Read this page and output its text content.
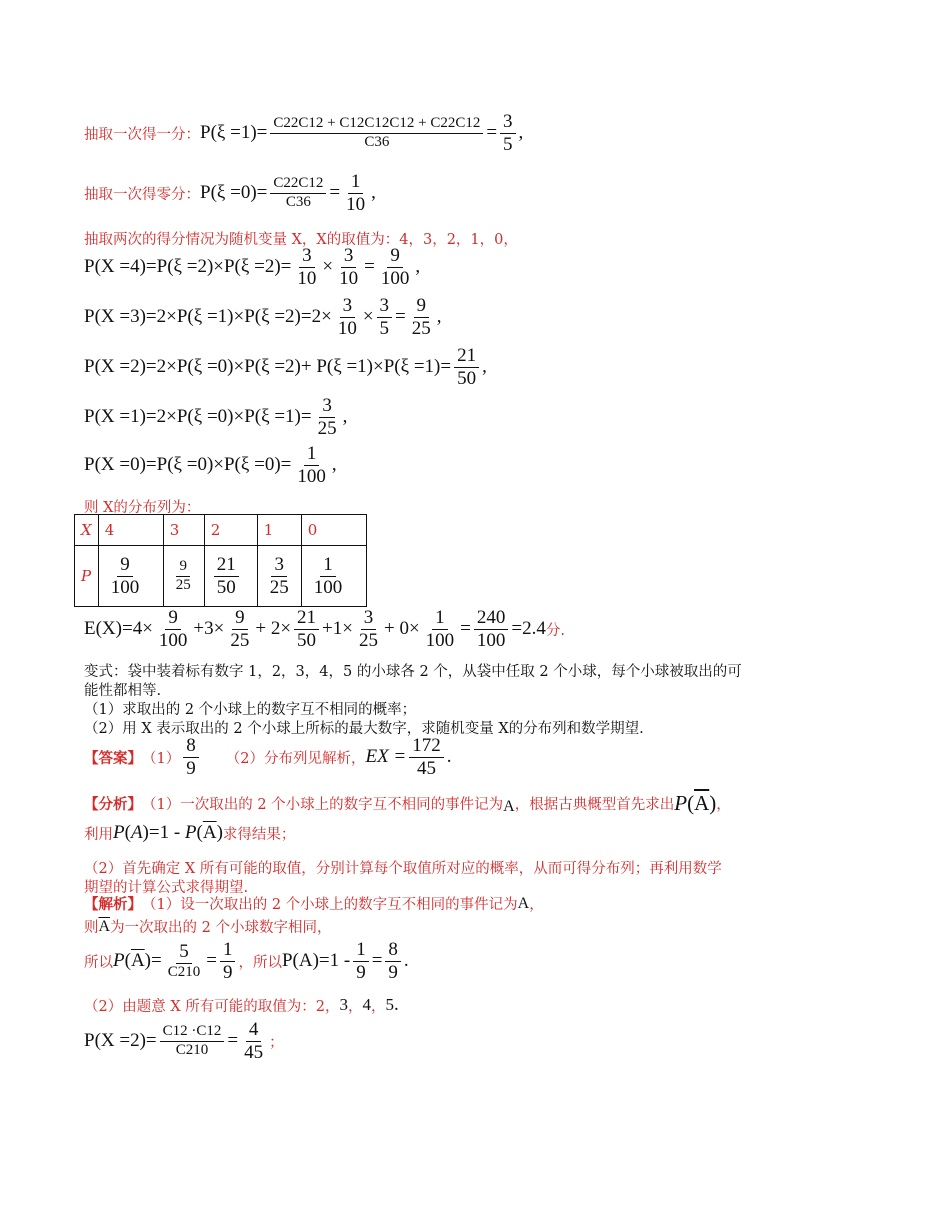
抽取一次得一分： $P(\xi =1)= \frac{C22C12 + C12C12C12 + C22C12}{C36} = \frac{3}{5}$ ,
抽取一次得零分： $P(\xi =0)= \frac{C22C12}{C36} = \frac{1}{10}$ ,
抽取两次的得分情况为随机变量 X，X的取值为：4，3，2，1，0，
$P(X =4)=P(\xi =2)\times P(\xi =2)= \frac{3}{10} \times \frac{3}{10} = \frac{9}{100}$ ,
$P(X =3)=2\times P(\xi =1)\times P(\xi =2)=2\times \frac{3}{10} \times \frac{3}{5} = \frac{9}{25}$ ,
$P(X =2)=2\times P(\xi =0)\times P(\xi =2)+ P(\xi =1)\times P(\xi =1)= \frac{21}{50}$ ,
$P(X =1)=2\times P(\xi =0)\times P(\xi =1)= \frac{3}{25}$ ,
$P(X =0)=P(\xi =0)\times P(\xi =0)= \frac{1}{100}$ ,
则 X的分布列为：
X	4	3	2	1	0
P	$\frac{9}{100}$	$\frac{9}{25}$	$\frac{21}{50}$	$\frac{3}{25}$	$\frac{1}{100}$
$E(X)=4\times \frac{9}{100} +3\times \frac{9}{25} + 2\times \frac{21}{50} +1\times \frac{3}{25} + 0\times \frac{1}{100} = \frac{240}{100} =2.4$ 分.
变式：袋中装着标有数字 1，2，3，4，5 的小球各 2 个，从袋中任取 2 个小球，每个小球被取出的可
能性都相等.
（1）求取出的 2 个小球上的数字互不相同的概率；
（2）用 X 表示取出的 2 个小球上所标的最大数字，求随机变量 X的分布列和数学期望.
【答案】 $(1) \frac{8}{9} (2)$分布列见解析， EX = $\frac{172}{45}$ .
【分析】 （1）一次取出的 2 个小球上的数字互不相同的事件记为 A ，根据古典概型首先求出 $P(\overline{A})$ ，
利用 $P(A)=1 - P(\overline{A})$ 求得结果；
（2）首先确定 X 所有可能的取值，分别计算每个取值所对应的概率，从而可得分布列；再利用数学
期望的计算公式求得期望.
【解析】 （1）设一次取出的 2 个小球上的数字互不相同的事件记为 A ，
则 $\overline{A}$ 为一次取出的 2 个小球数字相同，
所以 $P(\overline{A})= \frac{5}{C210} = \frac{1}{9}$ ，所以 $P(A)=1 - \frac{1}{9} = \frac{8}{9}$ .
（2）由题意 X 所有可能的取值为：2， 3 ， 4 ， 5 .
$P(X =2)= \frac{C12 \cdot C12}{C210} = \frac{4}{45}$ ；
